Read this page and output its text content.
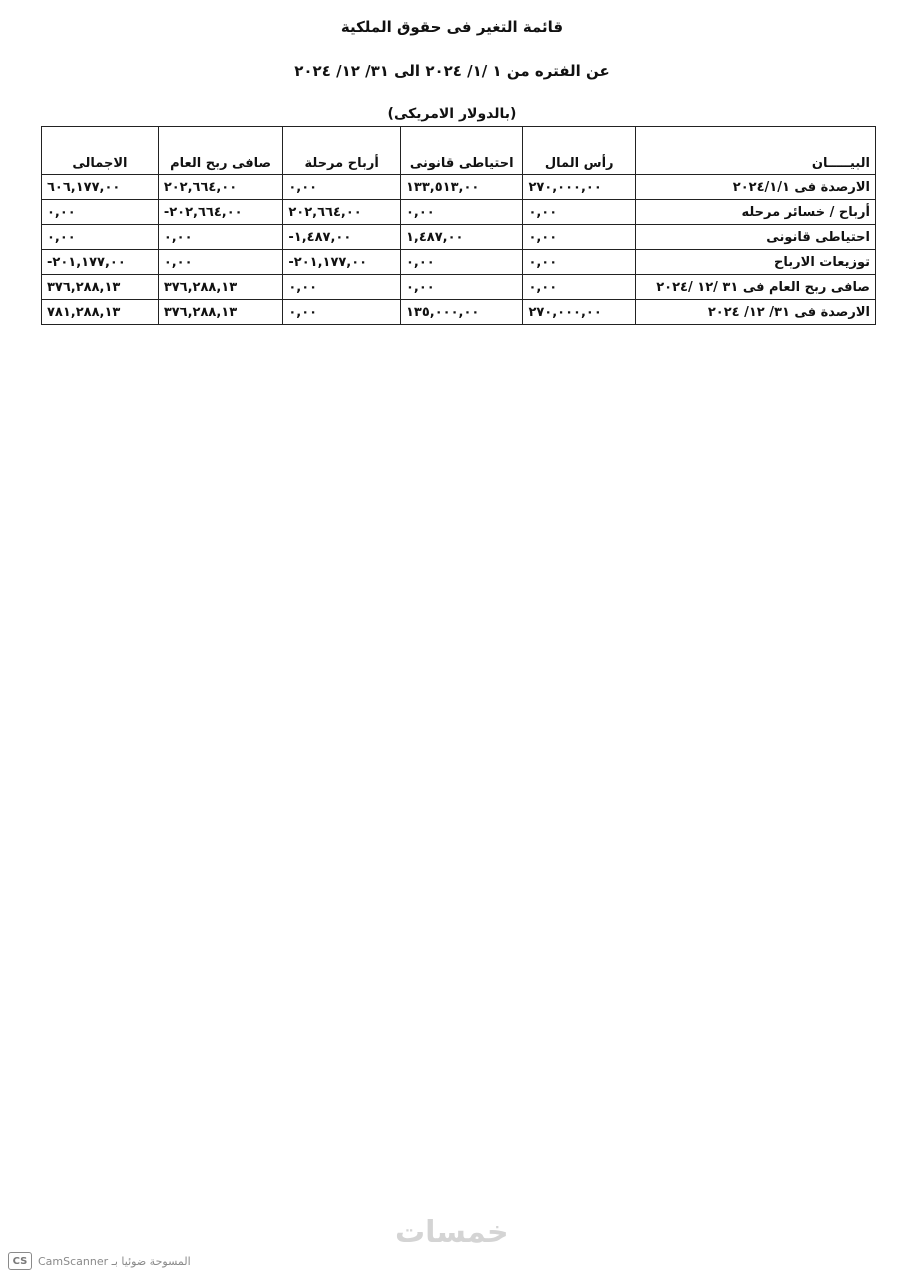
قائمة التغير فى حقوق الملكية
عن الفتره من ١ /١/ ٢٠٢٤ الى ٣١/ ١٢/ ٢٠٢٤
(بالدولار الامريكى)
البيـــــان	رأس المال	احتياطى قانونى	أرباح مرحلة	صافى ربح العام	الاجمالى
الارصدة فى ٢٠٢٤/١/١	٢٧٠,٠٠٠,٠٠	١٣٣,٥١٣,٠٠	٠,٠٠	٢٠٢,٦٦٤,٠٠	٦٠٦,١٧٧,٠٠
أرباح / خسائر مرحله	٠,٠٠	٠,٠٠	٢٠٢,٦٦٤,٠٠	-٢٠٢,٦٦٤,٠٠	٠,٠٠
احتياطى قانونى	٠,٠٠	١,٤٨٧,٠٠	-١,٤٨٧,٠٠	٠,٠٠	٠,٠٠
توزيعات الارباح	٠,٠٠	٠,٠٠	-٢٠١,١٧٧,٠٠	٠,٠٠	-٢٠١,١٧٧,٠٠
صافى ربح العام فى ٣١ /١٢ /٢٠٢٤	٠,٠٠	٠,٠٠	٠,٠٠	٣٧٦,٢٨٨,١٣	٣٧٦,٢٨٨,١٣
الارصدة فى ٣١/ ١٢/ ٢٠٢٤	٢٧٠,٠٠٠,٠٠	١٣٥,٠٠٠,٠٠	٠,٠٠	٣٧٦,٢٨٨,١٣	٧٨١,٢٨٨,١٣
خمسات
CS المسوحة ضوئيا بـ CamScanner
